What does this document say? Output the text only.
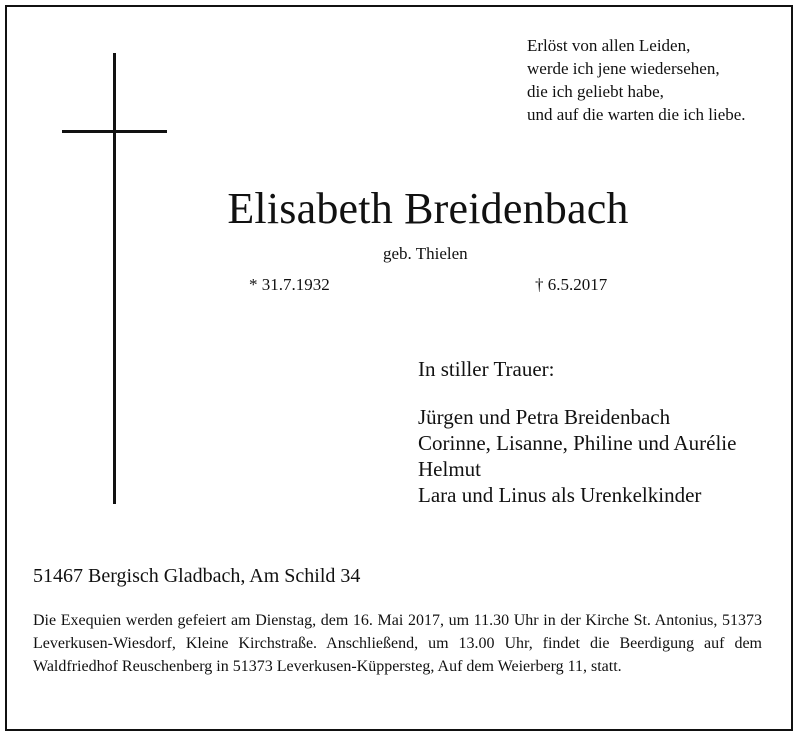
Erlöst von allen Leiden,
werde ich jene wiedersehen,
die ich geliebt habe,
und auf die warten die ich liebe.
Elisabeth Breidenbach
geb. Thielen
* 31.7.1932	† 6.5.2017
In stiller Trauer:
Jürgen und Petra Breidenbach
Corinne, Lisanne, Philine und Aurélie
Helmut
Lara und Linus als Urenkelkinder
51467 Bergisch Gladbach, Am Schild 34
Die Exequien werden gefeiert am Dienstag, dem 16. Mai 2017, um 11.30 Uhr in der Kirche St. Antonius, 51373 Leverkusen-Wiesdorf, Kleine Kirchstraße. Anschließend, um 13.00 Uhr, findet die Beerdigung auf dem Waldfriedhof Reuschenberg in 51373 Leverkusen-Küppersteg, Auf dem Weierberg 11, statt.
